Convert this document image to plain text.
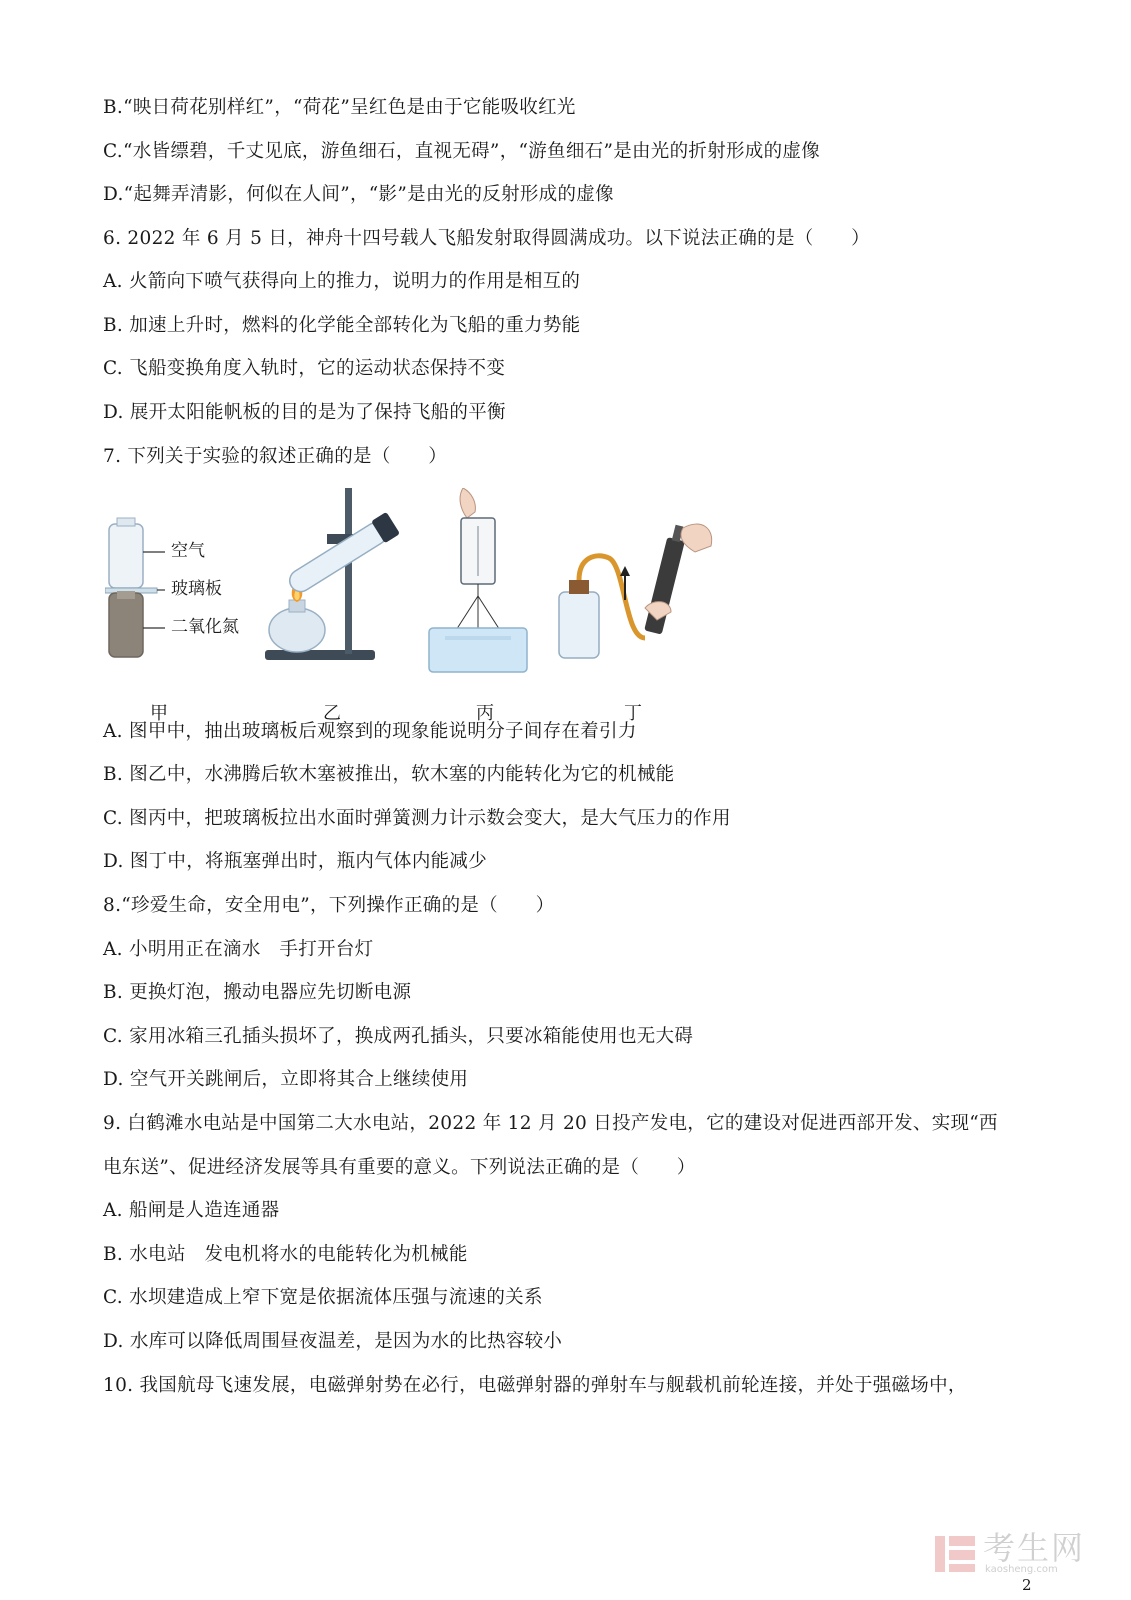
B.“映日荷花别样红”，“荷花”呈红色是由于它能吸收红光
C.“水皆缥碧，千丈见底，游鱼细石，直视无碍”，“游鱼细石”是由光的折射形成的虚像
D.“起舞弄清影，何似在人间”，“影”是由光的反射形成的虚像
6. 2022 年 6 月 5 日，神舟十四号载人飞船发射取得圆满成功。以下说法正确的是（　　）
A. 火箭向下喷气获得向上的推力，说明力的作用是相互的
B. 加速上升时，燃料的化学能全部转化为飞船的重力势能
C. 飞船变换角度入轨时，它的运动状态保持不变
D. 展开太阳能帆板的目的是为了保持飞船的平衡
7. 下列关于实验的叙述正确的是（　　）
空气
玻璃板
二氧化氮
甲	乙	丙	丁
A. 图甲中，抽出玻璃板后观察到的现象能说明分子间存在着引力
B. 图乙中，水沸腾后软木塞被推出，软木塞的内能转化为它的机械能
C. 图丙中，把玻璃板拉出水面时弹簧测力计示数会变大，是大气压力的作用
D. 图丁中，将瓶塞弹出时，瓶内气体内能减少
8.“珍爱生命，安全用电”，下列操作正确的是（　　）
A. 小明用正在滴水　手打开台灯
B. 更换灯泡，搬动电器应先切断电源
C. 家用冰箱三孔插头损坏了，换成两孔插头，只要冰箱能使用也无大碍
D. 空气开关跳闸后，立即将其合上继续使用
9. 白鹤滩水电站是中国第二大水电站，2022 年 12 月 20 日投产发电，它的建设对促进西部开发、实现“西
电东送”、促进经济发展等具有重要的意义。下列说法正确的是（　　）
A. 船闸是人造连通器
B. 水电站　发电机将水的电能转化为机械能
C. 水坝建造成上窄下宽是依据流体压强与流速的关系
D. 水库可以降低周围昼夜温差，是因为水的比热容较小
10. 我国航母飞速发展，电磁弹射势在必行，电磁弹射器的弹射车与舰载机前轮连接，并处于强磁场中，
考生网
kaosheng.com
2
